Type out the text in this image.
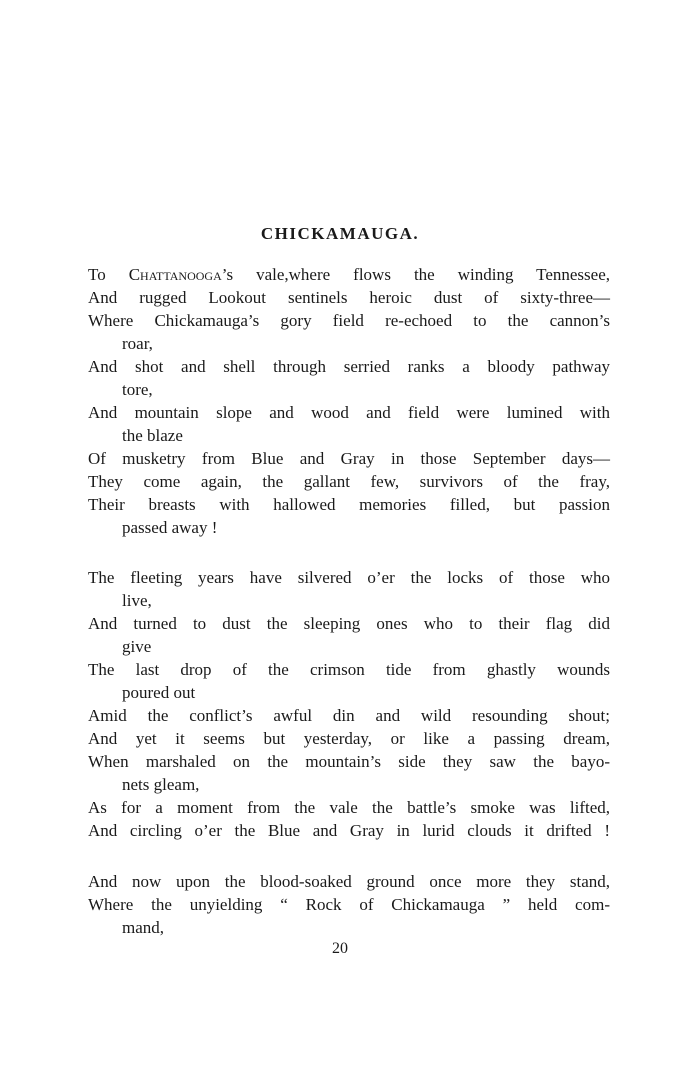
CHICKAMAUGA.
To Chattanooga’s vale,where flows the winding Tennessee,
And rugged Lookout sentinels heroic dust of sixty-three—
Where Chickamauga’s gory field re-echoed to the cannon’s
roar,
And shot and shell through serried ranks a bloody pathway
tore,
And mountain slope and wood and field were lumined with
the blaze
Of musketry from Blue and Gray in those September days—
They come again, the gallant few, survivors of the fray,
Their breasts with hallowed memories filled, but passion
passed away !
The fleeting years have silvered o’er the locks of those who
live,
And turned to dust the sleeping ones who to their flag did
give
The last drop of the crimson tide from ghastly wounds
poured out
Amid the conflict’s awful din and wild resounding shout;
And yet it seems but yesterday, or like a passing dream,
When marshaled on the mountain’s side they saw the bayo-
nets gleam,
As for a moment from the vale the battle’s smoke was lifted,
And circling o’er the Blue and Gray in lurid clouds it drifted !
And now upon the blood-soaked ground once more they stand,
Where the unyielding “ Rock of Chickamauga ” held com-
mand,
20
